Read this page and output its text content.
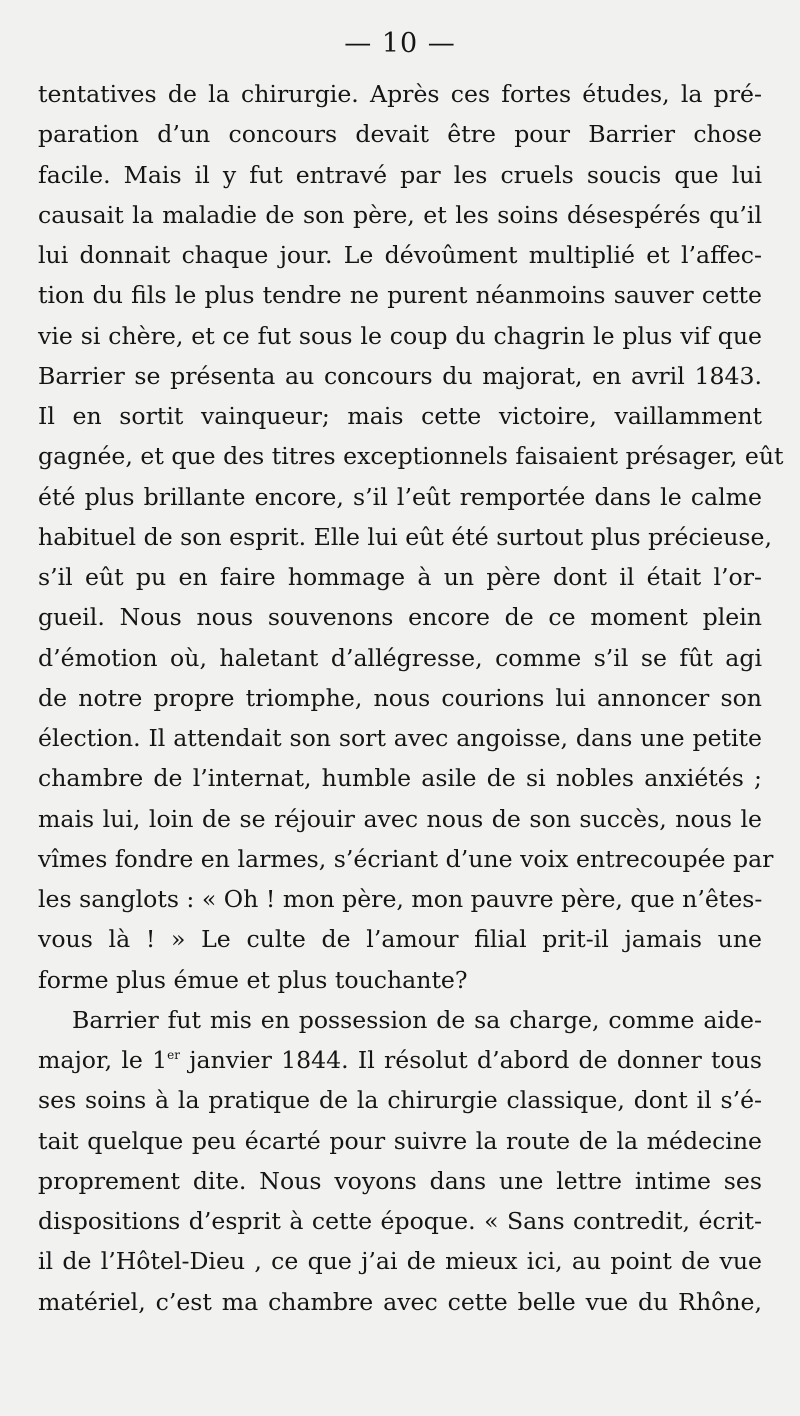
— 10 —
tentatives de la chirurgie. Après ces fortes études, la pré-
paration d’un concours devait être pour Barrier chose
facile. Mais il y fut entravé par les cruels soucis que lui
causait la maladie de son père, et les soins désespérés qu’il
lui donnait chaque jour. Le dévoûment multiplié et l’affec-
tion du fils le plus tendre ne purent néanmoins sauver cette
vie si chère, et ce fut sous le coup du chagrin le plus vif que
Barrier se présenta au concours du majorat, en avril 1843.
Il en sortit vainqueur; mais cette victoire, vaillamment
gagnée, et que des titres exceptionnels faisaient présager, eût
été plus brillante encore, s’il l’eût remportée dans le calme
habituel de son esprit. Elle lui eût été surtout plus précieuse,
s’il eût pu en faire hommage à un père dont il était l’or-
gueil. Nous nous souvenons encore de ce moment plein
d’émotion où, haletant d’allégresse, comme s’il se fût agi
de notre propre triomphe, nous courions lui annoncer son
élection. Il attendait son sort avec angoisse, dans une petite
chambre de l’internat, humble asile de si nobles anxiétés ;
mais lui, loin de se réjouir avec nous de son succès, nous le
vîmes fondre en larmes, s’écriant d’une voix entrecoupée par
les sanglots : « Oh ! mon père, mon pauvre père, que n’êtes-
vous là ! » Le culte de l’amour filial prit-il jamais une
forme plus émue et plus touchante?
Barrier fut mis en possession de sa charge, comme aide-
major, le 1er janvier 1844. Il résolut d’abord de donner tous
ses soins à la pratique de la chirurgie classique, dont il s’é-
tait quelque peu écarté pour suivre la route de la médecine
proprement dite. Nous voyons dans une lettre intime ses
dispositions d’esprit à cette époque. « Sans contredit, écrit-
il de l’Hôtel-Dieu , ce que j’ai de mieux ici, au point de vue
matériel, c’est ma chambre avec cette belle vue du Rhône,
